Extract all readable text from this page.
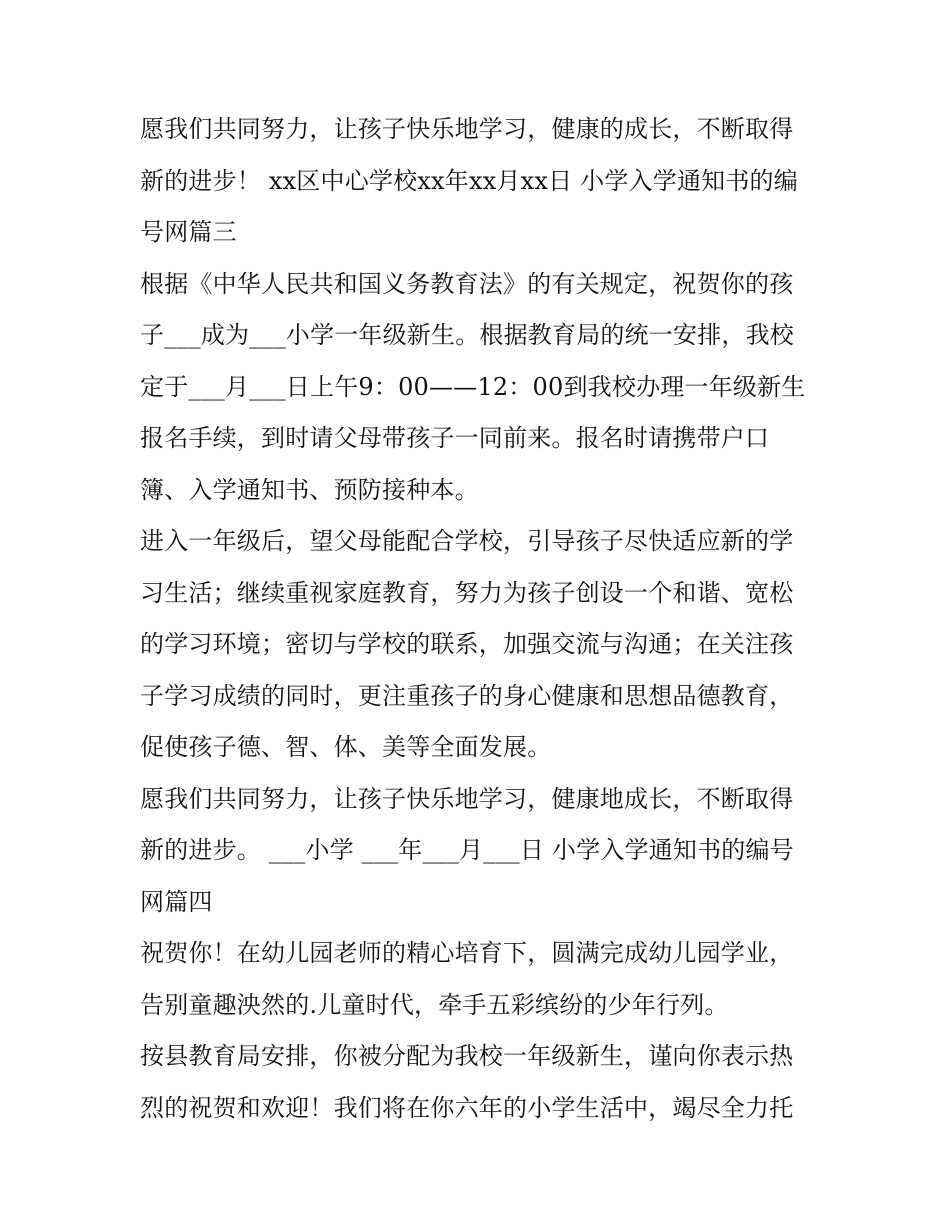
愿我们共同努力，让孩子快乐地学习，健康的成长，不断取得新的进步！ xx区中心学校xx年xx月xx日 小学入学通知书的编号网篇三

根据《中华人民共和国义务教育法》的有关规定，祝贺你的孩子___成为___小学一年级新生。根据教育局的统一安排，我校定于___月___日上午9：00——12：00到我校办理一年级新生报名手续，到时请父母带孩子一同前来。报名时请携带户口簿、入学通知书、预防接种本。

进入一年级后，望父母能配合学校，引导孩子尽快适应新的学习生活；继续重视家庭教育，努力为孩子创设一个和谐、宽松的学习环境；密切与学校的联系，加强交流与沟通；在关注孩子学习成绩的同时，更注重孩子的身心健康和思想品德教育，促使孩子德、智、体、美等全面发展。

愿我们共同努力，让孩子快乐地学习，健康地成长，不断取得新的进步。 ___小学 ___年___月___日 小学入学通知书的编号网篇四

祝贺你！在幼儿园老师的精心培育下，圆满完成幼儿园学业，告别童趣泱然的.儿童时代，牵手五彩缤纷的少年行列。

按县教育局安排，你被分配为我校一年级新生，谨向你表示热烈的祝贺和欢迎！我们将在你六年的小学生活中，竭尽全力托
